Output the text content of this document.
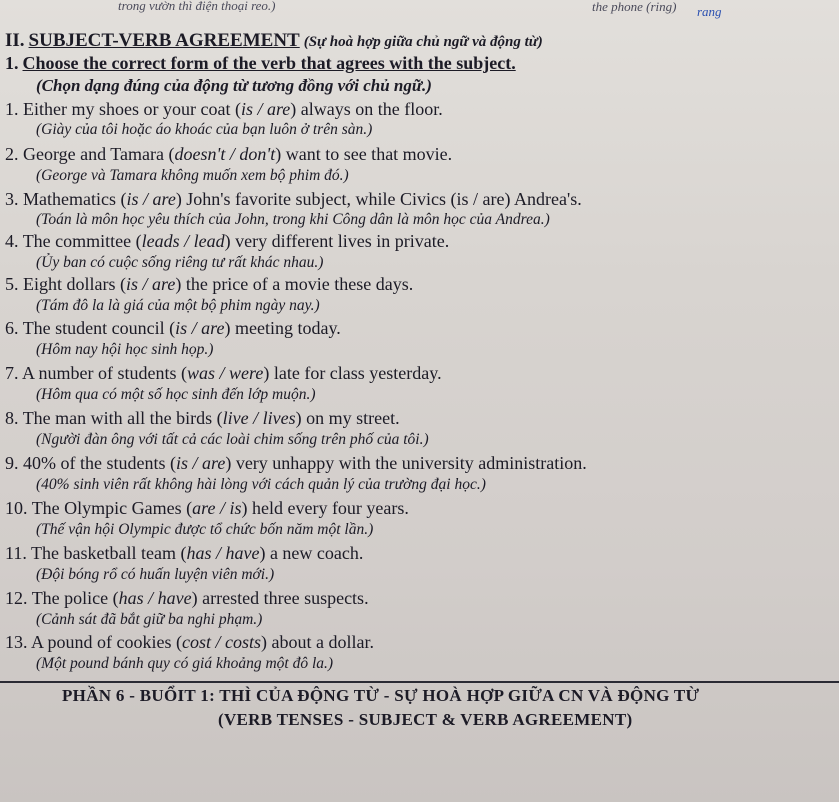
trong vườn thì điện thoại reo.)	the phone (ring) rang
II. SUBJECT-VERB AGREEMENT (Sự hoà hợp giữa chủ ngữ và động từ)
1. Choose the correct form of the verb that agrees with the subject.
(Chọn dạng đúng của động từ tương đồng với chủ ngữ.)
1. Either my shoes or your coat (is / are) always on the floor.
(Giày của tôi hoặc áo khoác của bạn luôn ở trên sàn.)
2. George and Tamara (doesn't / don't) want to see that movie.
(George và Tamara không muốn xem bộ phim đó.)
3. Mathematics (is / are) John's favorite subject, while Civics (is / are) Andrea's.
(Toán là môn học yêu thích của John, trong khi Công dân là môn học của Andrea.)
4. The committee (leads / lead) very different lives in private.
(Ủy ban có cuộc sống riêng tư rất khác nhau.)
5. Eight dollars (is / are) the price of a movie these days.
(Tám đô la là giá của một bộ phim ngày nay.)
6. The student council (is / are) meeting today.
(Hôm nay hội học sinh họp.)
7. A number of students (was / were) late for class yesterday.
(Hôm qua có một số học sinh đến lớp muộn.)
8. The man with all the birds (live / lives) on my street.
(Người đàn ông với tất cả các loài chim sống trên phố của tôi.)
9. 40% of the students (is / are) very unhappy with the university administration.
(40% sinh viên rất không hài lòng với cách quản lý của trường đại học.)
10. The Olympic Games (are / is) held every four years.
(Thế vận hội Olympic được tổ chức bốn năm một lần.)
11. The basketball team (has / have) a new coach.
(Đội bóng rổ có huấn luyện viên mới.)
12. The police (has / have) arrested three suspects.
(Cảnh sát đã bắt giữ ba nghi phạm.)
13. A pound of cookies (cost / costs) about a dollar.
(Một pound bánh quy có giá khoảng một đô la.)
PHẦN 6 - BUỔIT 1: THÌ CỦA ĐỘNG TỪ - SỰ HOÀ HỢP GIỮA CN VÀ ĐỘNG TỪ
(VERB TENSES - SUBJECT & VERB AGREEMENT)
